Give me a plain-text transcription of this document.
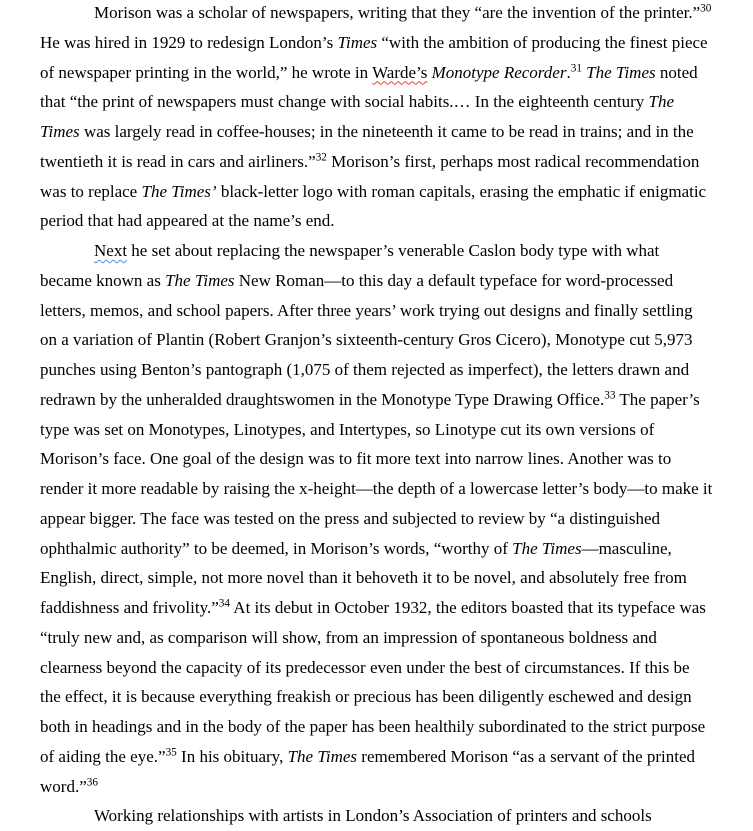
Morison was a scholar of newspapers, writing that they “are the invention of the printer.”$^{30}$ He was hired in 1929 to redesign London’s Times “with the ambition of producing the finest piece of newspaper printing in the world,” he wrote in Warde’s Monotype Recorder.$^{31}$ The Times noted that “the print of newspapers must change with social habits.… In the eighteenth century The Times was largely read in coffee-houses; in the nineteenth it came to be read in trains; and in the twentieth it is read in cars and airliners.”$^{32}$ Morison’s first, perhaps most radical recommendation was to replace The Times’ black-letter logo with roman capitals, erasing the emphatic if enigmatic period that had appeared at the name’s end.

Next he set about replacing the newspaper’s venerable Caslon body type with what became known as The Times New Roman—to this day a default typeface for word-processed letters, memos, and school papers. After three years’ work trying out designs and finally settling on a variation of Plantin (Robert Granjon’s sixteenth-century Gros Cicero), Monotype cut 5,973 punches using Benton’s pantograph (1,075 of them rejected as imperfect), the letters drawn and redrawn by the unheralded draughtswomen in the Monotype Type Drawing Office.$^{33}$ The paper’s type was set on Monotypes, Linotypes, and Intertypes, so Linotype cut its own versions of Morison’s face. One goal of the design was to fit more text into narrow lines. Another was to render it more readable by raising the x-height—the depth of a lowercase letter’s body—to make it appear bigger. The face was tested on the press and subjected to review by “a distinguished ophthalmic authority” to be deemed, in Morison’s words, “worthy of The Times—masculine, English, direct, simple, not more novel than it behoveth it to be novel, and absolutely free from faddishness and frivolity.”$^{34}$ At its debut in October 1932, the editors boasted that its typeface was “truly new and, as comparison will show, from an impression of spontaneous boldness and clearness beyond the capacity of its predecessor even under the best of circumstances. If this be the effect, it is because everything freakish or precious has been diligently eschewed and design both in headings and in the body of the paper has been healthily subordinated to the strict purpose of aiding the eye.”$^{35}$ In his obituary, The Times remembered Morison “as a servant of the printed word.”$^{36}$

Working relationships with artists in London’s Association of printers and schools
